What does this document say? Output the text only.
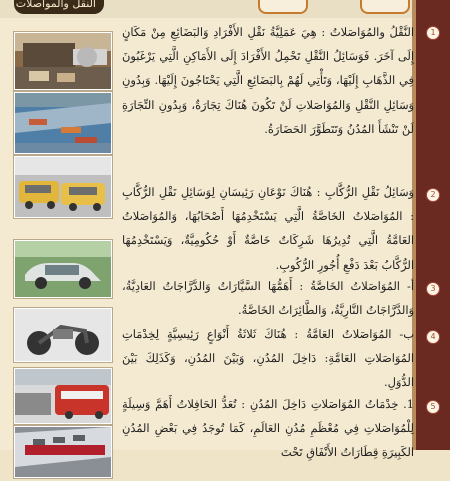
النقل والمواصلات
1
النَّقْلُ والمُوَاصَلاتُ : هِيَ عَمَلِيَّةُ نَقْلِ الأَفْرَادِ وَالبَضَائِعِ مِنْ مَكَانٍ إِلَى آخَرَ. فَوَسَائِلُ النَّقْلِ تَحْمِلُ الأَفْرَادَ إِلَى الأَمَاكِنِ الَّتِي يَرْغَبُونَ فِي الذَّهَابِ إِلَيْهَا، وَتَأْتِي لَهُمْ بِالبَضَائِعِ الَّتِي يَحْتَاجُونَ إِلَيْهَا. وَبِدُونِ وَسَائِلِ النَّقْلِ وَالمُوَاصَلاتِ لَنْ تَكُونَ هُنَاكَ تِجَارَةٌ، وَبِدُونِ التِّجَارَةِ لَنْ تَنْشَأَ المُدُنُ وَتَتَطَوَّرَ الحَضَارَةُ.
2
وَسَائِلُ نَقْلِ الرُّكَّابِ : هُنَاكَ نَوْعَانِ رَئِيسَانِ لِوَسَائِلِ نَقْلِ الرُّكَّابِ : المُوَاصَلاتُ الخَاصَّةُ الَّتِي يَسْتَخْدِمُهَا أَصْحَابُهَا، وَالمُوَاصَلاتُ العَامَّةُ الَّتِي تُدِيرُهَا شَرِكَاتٌ خَاصَّةٌ أَوْ حُكُومِيَّةٌ، وَيَسْتَخْدِمُهَا الرُّكَّابُ بَعْدَ دَفْعِ أُجُورِ الرُّكُوبِ.
3
أ- المُوَاصَلاتُ الخَاصَّةُ : أَهَمُّهَا السَّيَّارَاتُ وَالدَّرَّاجَاتُ العَادِيَّةُ، وَالدَّرَّاجَاتُ النَّارِيَّةُ، وَالطَّائِرَاتُ الخَاصَّةُ.
4
ب- المُوَاصَلاتُ العَامَّةُ : هُنَاكَ ثَلاثَةُ أَنْوَاعٍ رَئِيسِيَّةٍ لِخِدْمَاتِ المُوَاصَلاتِ العَامَّةِ: دَاخِلَ المُدُنِ، وَبَيْنَ المُدُنِ، وَكَذَلِكَ بَيْنَ الدُّوَلِ.
5
1. خِدْمَاتُ المُوَاصَلاتِ دَاخِلَ المُدُنِ : تُعَدُّ الحَافِلاتُ أَهَمَّ وَسِيلَةٍ لِلْمُوَاصَلاتِ فِي مُعْظَمِ مُدُنِ العَالَمِ، كَمَا تُوجَدُ فِي بَعْضِ المُدُنِ الكَبِيرَةِ قِطَارَاتُ الأَنْفَاقِ تَحْتَ
